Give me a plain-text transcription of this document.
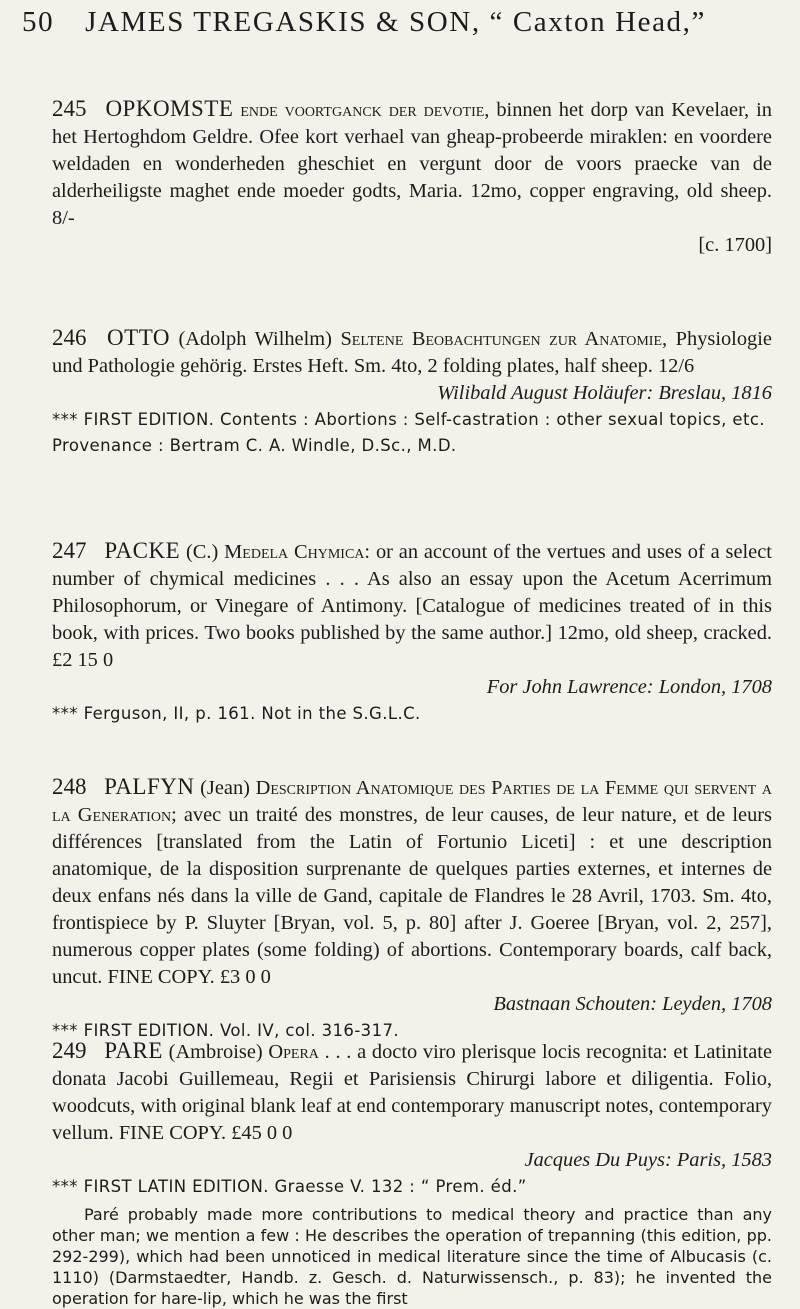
50 JAMES TREGASKIS & SON, “ Caxton Head,”
245 OPKOMSTE ende voortganck der devotie, binnen het dorp van Kevelaer, in het Hertoghdom Geldre. Ofee kort verhael van gheap-probeerde miraklen: en voordere weldaden en wonderheden gheschiet en vergunt door de voors praecke van de alderheiligste maghet ende moeder godts, Maria. 12mo, copper engraving, old sheep. 8/-
[c. 1700]
246 OTTO (Adolph Wilhelm) Seltene Beobachtungen zur Anatomie, Physiologie und Pathologie gehörig. Erstes Heft. Sm. 4to, 2 folding plates, half sheep. 12/6
Wilibald August Holäufer: Breslau, 1816
*** FIRST EDITION. Contents : Abortions : Self-castration : other sexual topics, etc.
Provenance : Bertram C. A. Windle, D.Sc., M.D.
247 PACKE (C.) Medela Chymica: or an account of the vertues and uses of a select number of chymical medicines . . . As also an essay upon the Acetum Acerrimum Philosophorum, or Vinegare of Antimony. [Catalogue of medicines treated of in this book, with prices. Two books published by the same author.] 12mo, old sheep, cracked. £2 15 0
For John Lawrence: London, 1708
*** Ferguson, II, p. 161. Not in the S.G.L.C.
248 PALFYN (Jean) Description Anatomique des Parties de la Femme qui servent a la Generation; avec un traité des monstres, de leur causes, de leur nature, et de leurs différences [translated from the Latin of Fortunio Liceti] : et une description anatomique, de la disposition surprenante de quelques parties externes, et internes de deux enfans nés dans la ville de Gand, capitale de Flandres le 28 Avril, 1703. Sm. 4to, frontispiece by P. Sluyter [Bryan, vol. 5, p. 80] after J. Goeree [Bryan, vol. 2, 257], numerous copper plates (some folding) of abortions. Contemporary boards, calf back, uncut. FINE COPY. £3 0 0
Bastnaan Schouten: Leyden, 1708
*** FIRST EDITION. Vol. IV, col. 316-317.
249 PARE (Ambroise) Opera . . . a docto viro plerisque locis recognita: et Latinitate donata Jacobi Guillemeau, Regii et Parisiensis Chirurgi labore et diligentia. Folio, woodcuts, with original blank leaf at end contemporary manuscript notes, contemporary vellum. FINE COPY. £45 0 0
Jacques Du Puys: Paris, 1583
*** FIRST LATIN EDITION. Graesse V. 132 : “ Prem. éd.”
Paré probably made more contributions to medical theory and practice than any other man; we mention a few : He describes the operation of trepanning (this edition, pp. 292-299), which had been unnoticed in medical literature since the time of Albucasis (c. 1110) (Darmstaedter, Handb. z. Gesch. d. Naturwissensch., p. 83); he invented the operation for hare-lip, which he was the first
